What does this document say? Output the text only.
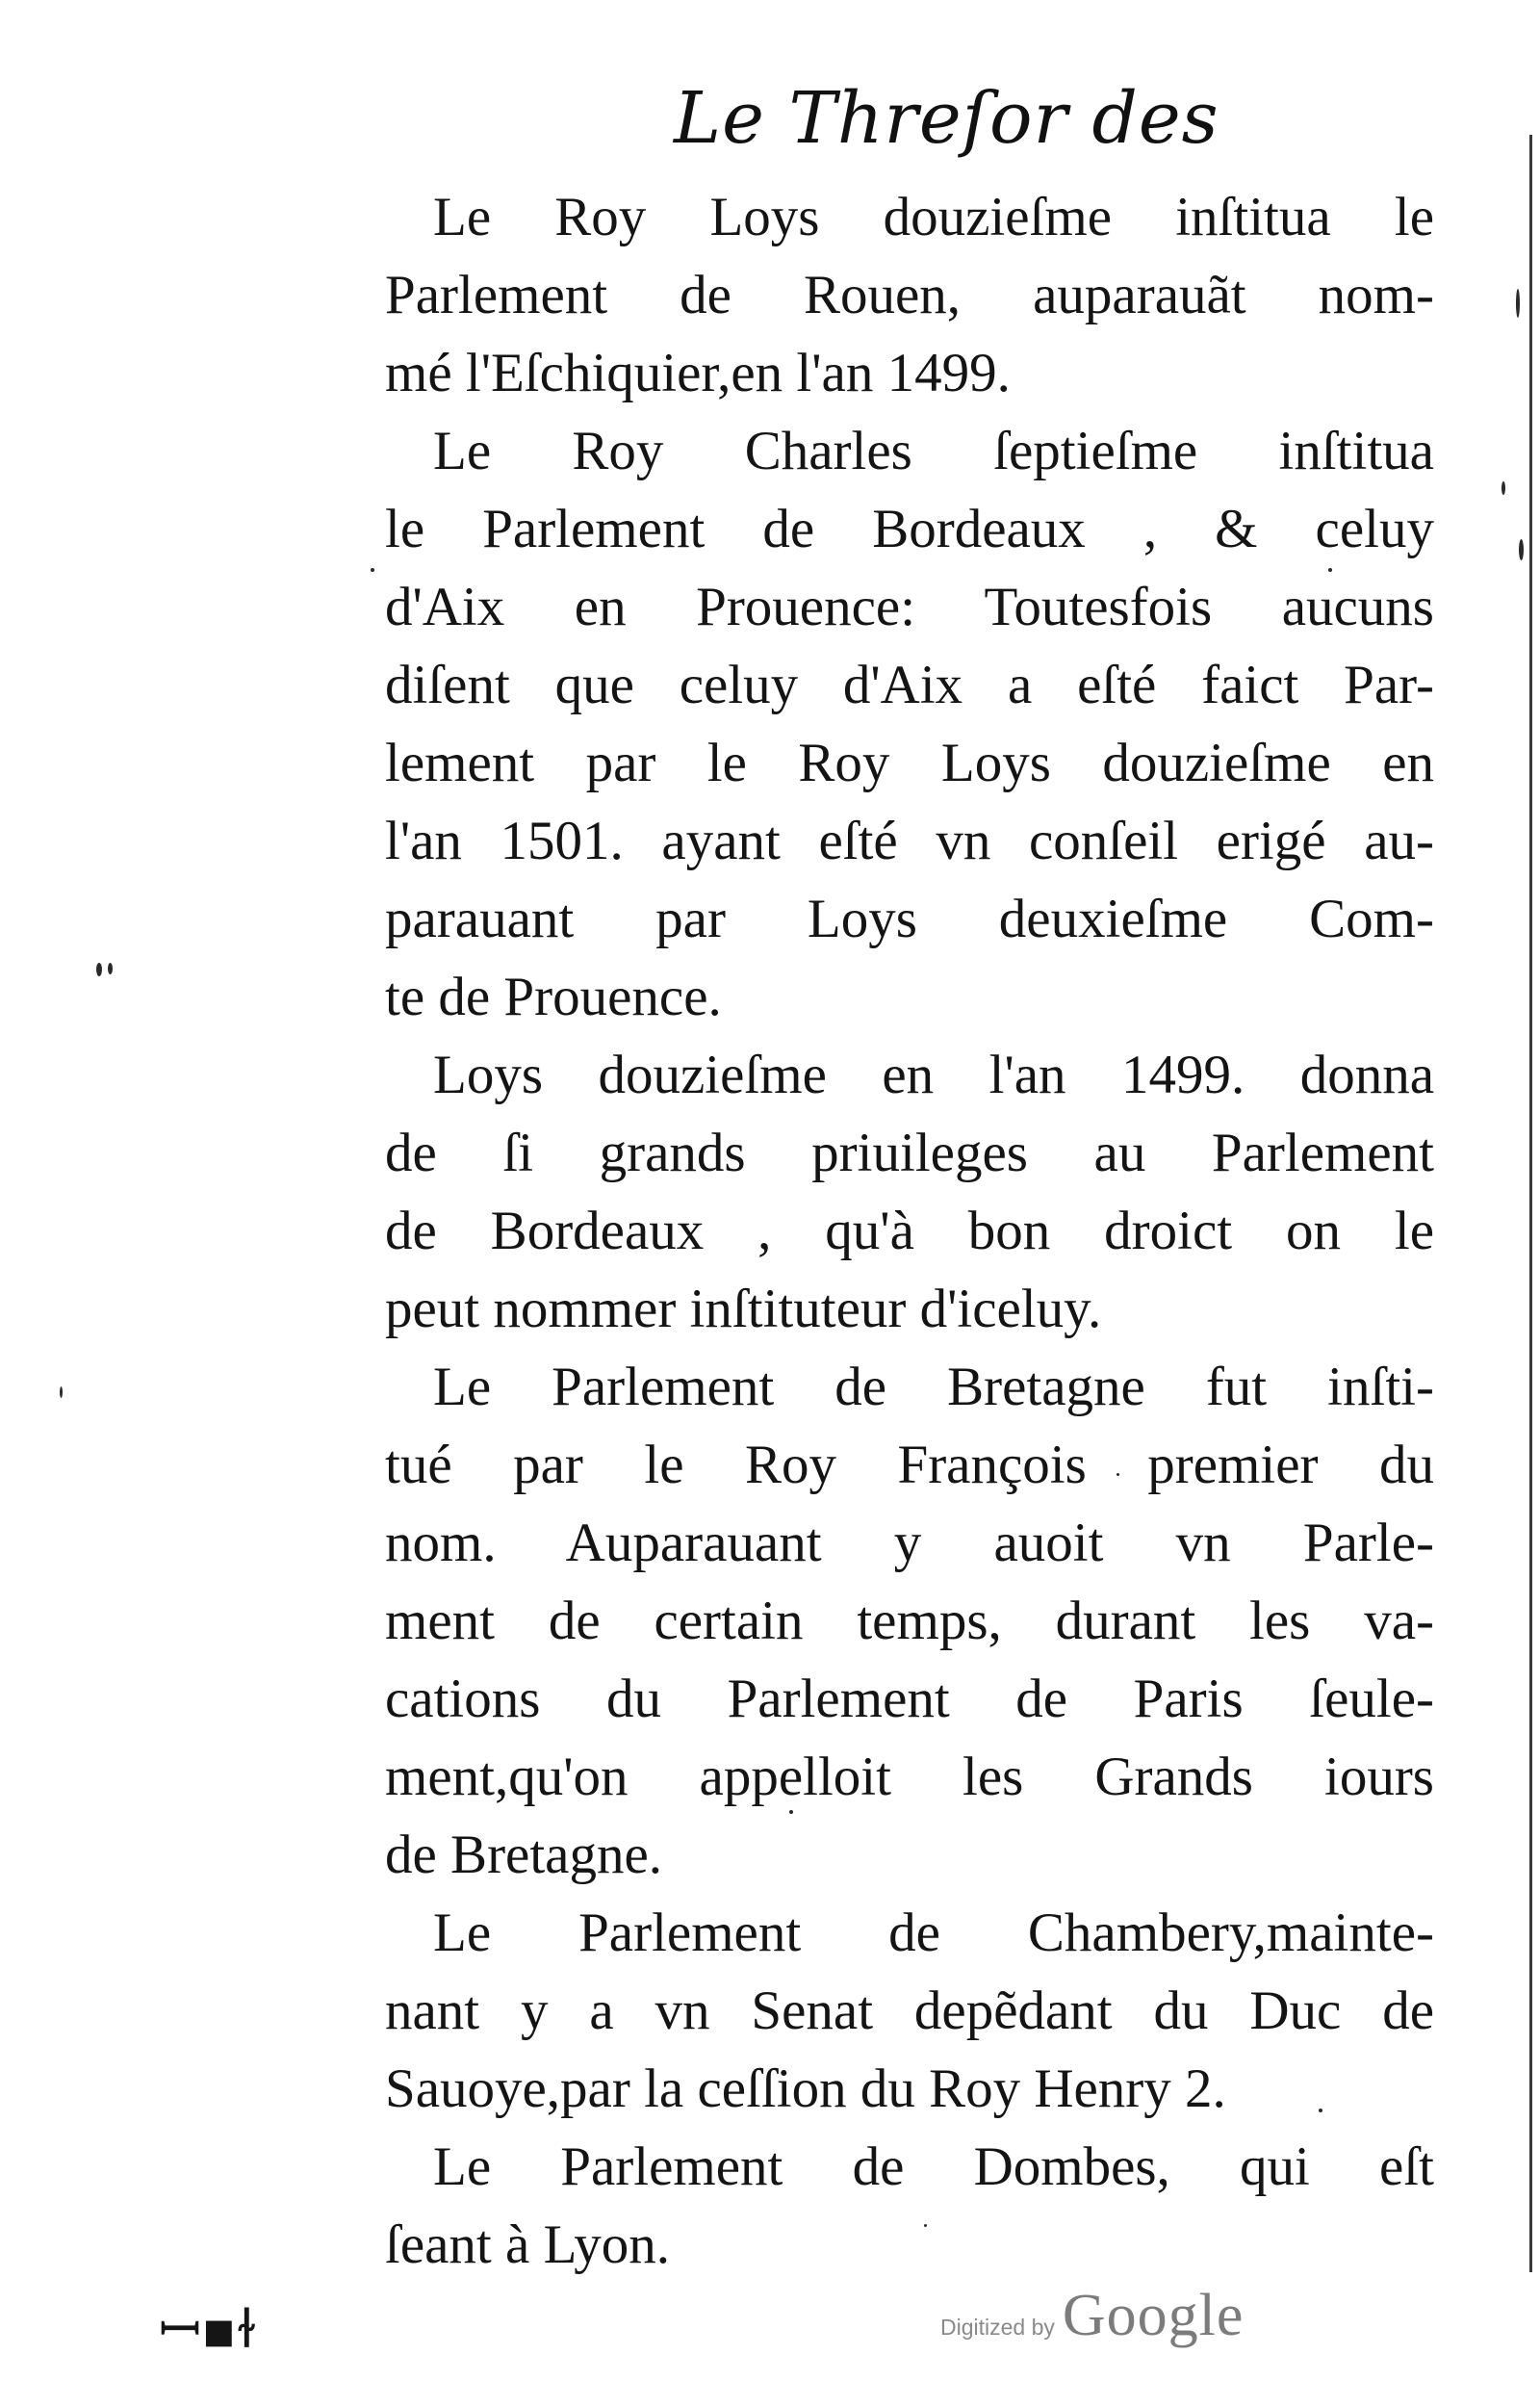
Le Threſor des
Le Roy Loys douzieſme inſtitua le
Parlement de Rouen, auparauãt nom-
mé l'Eſchiquier,en l'an 1499.
Le Roy Charles ſeptieſme inſtitua
le Parlement de Bordeaux , & celuy
d'Aix en Prouence: Toutesfois aucuns
diſent que celuy d'Aix a eſté faict Par-
lement par le Roy Loys douzieſme en
l'an 1501. ayant eſté vn conſeil erigé au-
parauant par Loys deuxieſme Com-
te de Prouence.
Loys douzieſme en l'an 1499. donna
de ſi grands priuileges au Parlement
de Bordeaux , qu'à bon droict on le
peut nommer inſtituteur d'iceluy.
Le Parlement de Bretagne fut inſti-
tué par le Roy François premier du
nom. Auparauant y auoit vn Parle-
ment de certain temps, durant les va-
cations du Parlement de Paris ſeule-
ment,qu'on appelloit les Grands iours
de Bretagne.
Le Parlement de Chambery,mainte-
nant y a vn Senat depẽdant du Duc de
Sauoye,par la ceſſion du Roy Henry 2.
Le Parlement de Dombes, qui eſt
ſeant à Lyon.
ꟷ▪ɫ	Digitized by Google
